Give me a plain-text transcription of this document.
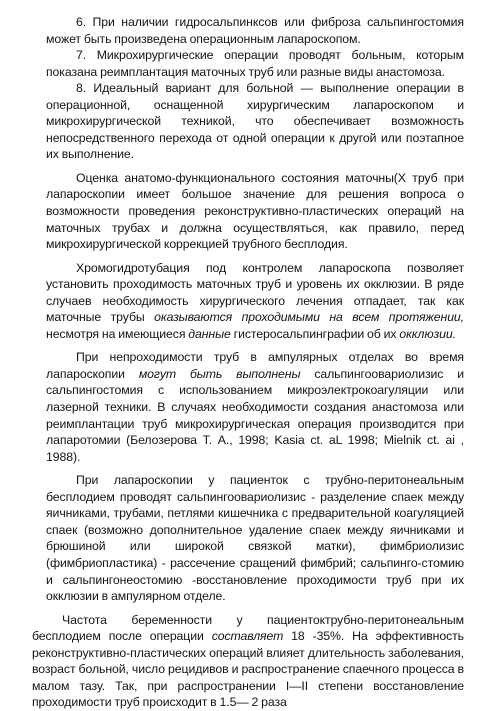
6. При наличии гидросальпинксов или фиброза сальпингостомия может быть произведена операционным лапароскопом.

7. Микрохирургические операции проводят больным, которым показана реимплантация маточных труб или разные виды анастомоза.

8. Идеальный вариант для больной — выполнение операции в операционной, оснащенной хирургическим лапароскопом и микрохирургической техникой, что обеспечивает возможность непосредственного перехода от одной операции к другой или поэтапное их выполнение.

Оценка анатомо-функционального состояния маточны(X труб при лапароскопии имеет большое значение для решения вопроса о возможности проведения реконструктивно-пластических операций на маточных трубах и должна осуществляться, как правило, перед микрохирургической коррекцией трубного бесплодия.

Хромогидротубация под контролем лапароскопа позволяет установить проходимость маточных труб и уровень их окклюзии. В ряде случаев необходимость хирургического лечения отпадает, так как маточные трубы оказываются проходимыми на всем протяжении, несмотря на имеющиеся данные гистеросальпинграфии об их окклюзии.

При непроходимости труб в ампулярных отделах во время лапароскопии могут быть выполнены сальпингоовариолизис и сальпингостомия с использованием микроэлектрокоагуляции или лазерной техники. В случаях необходимости создания анастомоза или реимплантации труб микрохирургическая операция производится при лапаротомии (Белозерова Т. А., 1998; Kasia ct. aL 1998; Mielnik ct. ai , 1988).

При лапароскопии у пациенток с трубно-перитонеальным бесплодием проводят сальпингоовариолизис - разделение спаек между яичниками, трубами, петлями кишечника с предварительной коагуляцией спаек (возможно дополнительное удаление спаек между яичниками и брюшиной или широкой связкой матки), фимбриолизис (фимбриопластика) - рассечение сращений фимбрий; сальпинго-стомию и сальпингонеостомию -восстановление проходимости труб при их окклюзии в ампулярном отделе.

Частота беременности у пациентоктрубно-перитонеальным бесплодием после операции составляет 18 -35%. На эффективность реконструктивно-пластических операций влияет длительность заболевания, возраст больной, число рецидивов и распространение спаечного процесса в малом тазу. Так, при распространении I—II степени восстановление проходимости труб происходит в 1.5— 2 раза
